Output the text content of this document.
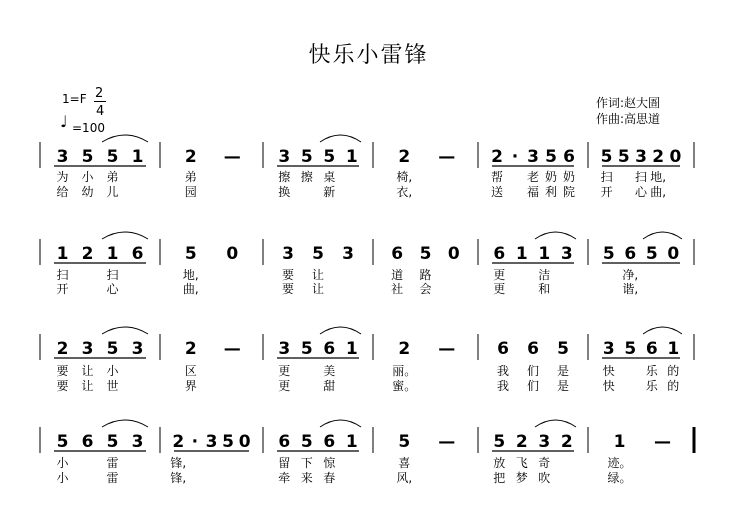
快乐小雷锋
1=F 2
4
♩ =100
作词:赵大圄
作曲:高思道
3
为
给
5
小
幼
5
弟
儿
1 2
弟
园
— 3
擦
换
5
擦
5
桌
新
1 2
椅,
衣,
— 2
帮
送
· 3
老
福
5
奶
利
6
奶
院
5
扫
开
5 3
扫
心
2
地,
曲,
0
1
扫
开
2 1
扫
心
6 5
地,
曲,
0	3
要
要
5
让
让
3 6
道
社
5
路
会
0 6
更
更
1 1
洁
和
3 5 6
净,
谐,
5 0
2
要
要
3
让
让
5
小
世
3 2
区
界
— 3
更
更
5 6
美
甜
1 2
丽。
蜜。
— 6
我
我
6
们
们
5
是
是
3
快
快
5 6
乐
乐
1
的
的
5
小
小
6 5
雷
雷
3 2
锋,
锋,
· 3 5 0 6
留
牵
5
下
来
6
惊
春
1 5
喜
风,
— 5
放
把
2
飞
梦
3
奇
吹
2 1
迹。
绿。
—
